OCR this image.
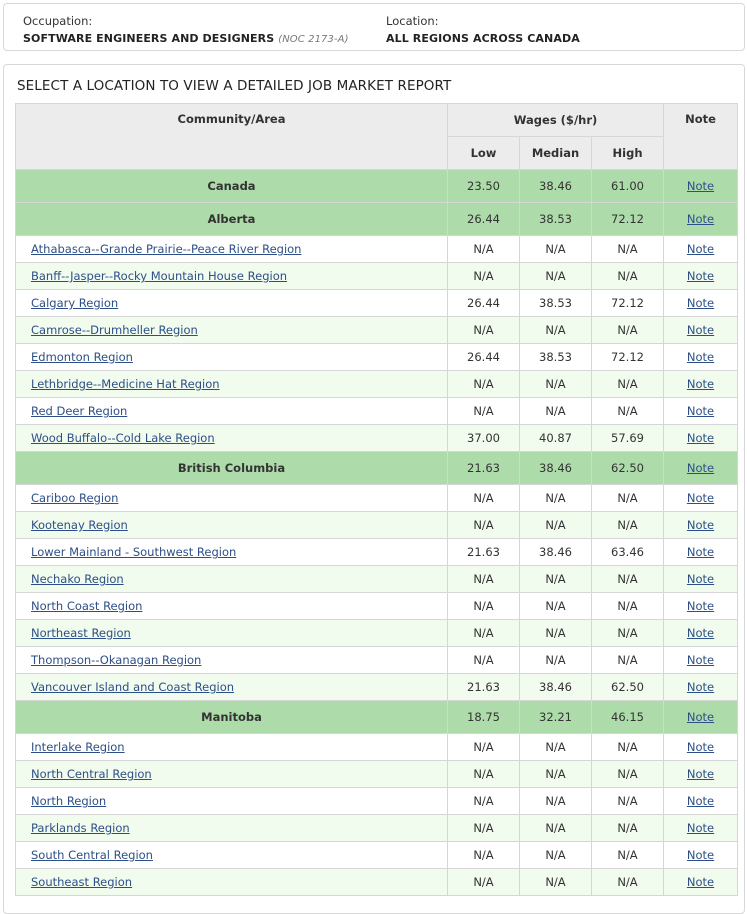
Occupation:
SOFTWARE ENGINEERS AND DESIGNERS (NOC 2173-A)
Location:
ALL REGIONS ACROSS CANADA
SELECT A LOCATION TO VIEW A DETAILED JOB MARKET REPORT
Community/Area	Wages ($/hr)			Note
	Low	Median	High	
Canada	23.50	38.46	61.00	Note
Alberta	26.44	38.53	72.12	Note
Athabasca--Grande Prairie--Peace River Region	N/A	N/A	N/A	Note
Banff--Jasper--Rocky Mountain House Region	N/A	N/A	N/A	Note
Calgary Region	26.44	38.53	72.12	Note
Camrose--Drumheller Region	N/A	N/A	N/A	Note
Edmonton Region	26.44	38.53	72.12	Note
Lethbridge--Medicine Hat Region	N/A	N/A	N/A	Note
Red Deer Region	N/A	N/A	N/A	Note
Wood Buffalo--Cold Lake Region	37.00	40.87	57.69	Note
British Columbia	21.63	38.46	62.50	Note
Cariboo Region	N/A	N/A	N/A	Note
Kootenay Region	N/A	N/A	N/A	Note
Lower Mainland - Southwest Region	21.63	38.46	63.46	Note
Nechako Region	N/A	N/A	N/A	Note
North Coast Region	N/A	N/A	N/A	Note
Northeast Region	N/A	N/A	N/A	Note
Thompson--Okanagan Region	N/A	N/A	N/A	Note
Vancouver Island and Coast Region	21.63	38.46	62.50	Note
Manitoba	18.75	32.21	46.15	Note
Interlake Region	N/A	N/A	N/A	Note
North Central Region	N/A	N/A	N/A	Note
North Region	N/A	N/A	N/A	Note
Parklands Region	N/A	N/A	N/A	Note
South Central Region	N/A	N/A	N/A	Note
Southeast Region	N/A	N/A	N/A	Note
